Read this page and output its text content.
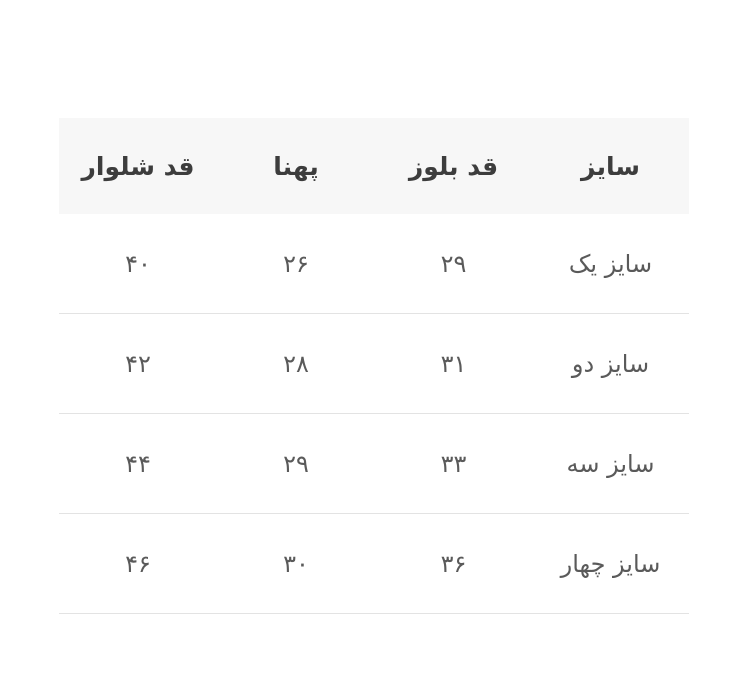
سایز	قد بلوز	پهنا	قد شلوار
سایز یک	۲۹	۲۶	۴۰
سایز دو	۳۱	۲۸	۴۲
سایز سه	۳۳	۲۹	۴۴
سایز چهار	۳۶	۳۰	۴۶
